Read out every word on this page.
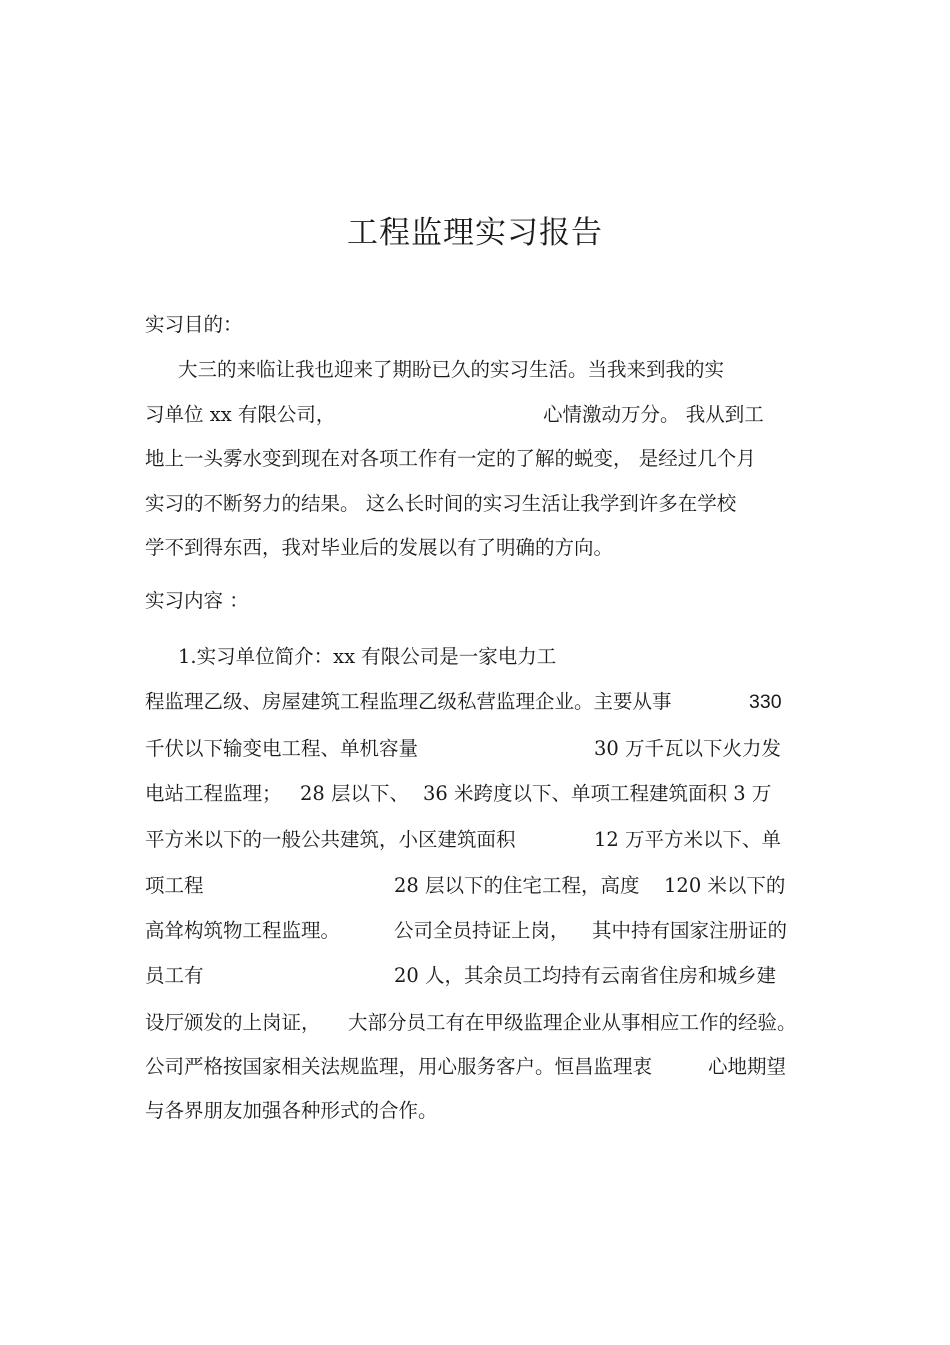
工程监理实习报告
实习目的：
大三的来临让我也迎来了期盼已久的实习生活。当我来到我的实
习单位 xx 有限公司，	心情激动万分。 我从到工
地上一头雾水变到现在对各项工作有一定的了解的蜕变， 是经过几个月
实习的不断努力的结果。 这么长时间的实习生活让我学到许多在学校
学不到得东西，我对毕业后的发展以有了明确的方向。
实习内容 ：
1.实习单位简介：xx 有限公司是一家电力工
程监理乙级、房屋建筑工程监理乙级私营监理企业。主要从事	330
千伏以下输变电工程、单机容量	30 万千瓦以下火力发
电站工程监理； 28 层以下、 36 米跨度以下、单项工程建筑面积 3 万
平方米以下的一般公共建筑，小区建筑面积	12 万平方米以下、单
项工程	28 层以下的住宅工程，高度 120 米以下的
高耸构筑物工程监理。	公司全员持证上岗， 其中持有国家注册证的
员工有	20 人，其余员工均持有云南省住房和城乡建
设厅颁发的上岗证， 大部分员工有在甲级监理企业从事相应工作的经验。
公司严格按国家相关法规监理，用心服务客户。恒昌监理衷	心地期望
与各界朋友加强各种形式的合作。
